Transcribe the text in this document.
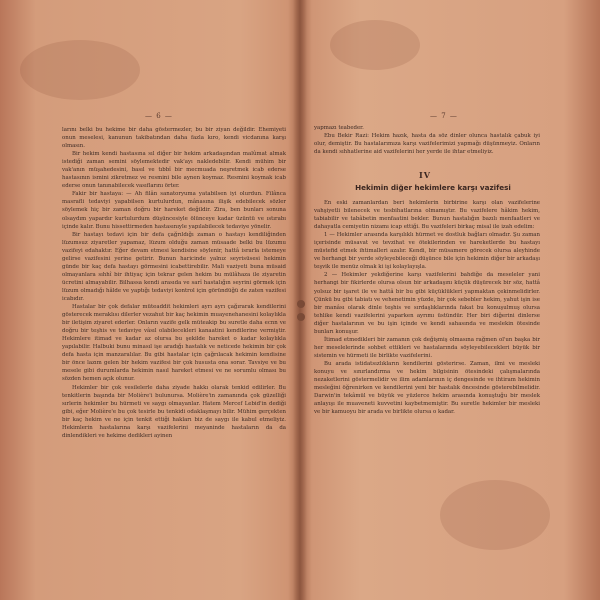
— 6 —

larını belki bu hekime bir daha göstermezler, bu bir ziyan değildir. Ehemiyeti onun meselesi, kanunun takibatından daha fazla kıro, kendi vicdanına karşı olmasın.

Bir hekim kendi hastasına sıl diğer bir hekim arkadaşından malûmat almak istediği zaman semini söylemektedir vak'ayı nakledebilir. Kendi mühim bir vak'anın müşahedesini, basıl ve tıbbî bir mecmuada neşretmek icab ederse hastasının ismini zikretmez ve resmini bile aynen koymaz. Resmini koymak icab ederse onun tanınabilecek vasıflarını örter.

Fakir bir hastaya: — Ah filân sanatoryuma yatabilsen iyi olurdun. Filânca masrafli tedaviyi yapabilsen kurtulurdun, mânasına ilişik edebilecek sözler söylemek hiç bir zaman doğru bir hareket değildir. Zira, ben bunları sonuna olsaydım yapardır kurtulurdum düşüncesiyle ölünceye kadar üzüntü ve ıstırabı içinde kalır. Bunu hissettirmeden hastasınıyle yapılabilecek tedaviye yönelir.

Bir hastayı tedavi için bir defa çağrıldığı zaman o hastayı kendiliğinden lüzumsuz ziyaretler yapamaz, lüzum olduğu zaman müsaade belki bu lüzumu vazifeyi edahaktır. Eğer devam etmesi kendisine söylenir, hattâ israrla istemeye gelirse vazifesini yerine getirir. Bunun haricinde yalnız seyrisüsesi hekimin günde bir kaç defa hastayı görmesini icabettirebilir. Mali vaziyeti buna müsaid olmayanlara sıhhî bir ihtiyaç için tekrar gelen hekim bu mülâhaza ile ziyaretin ücretini almayabilir. Bilhassa kendi arasıda ve sarî hastalığın seyrini görmek için lüzum olmadığı hâlde ve yaptığı tedaviyi kontrol için göründüğü de zaten vazifesi icabıdır.

Hastalar bir çok defalar müteaddit hekimleri ayrı ayrı çağırarak kendilerini gösterecek meraklısı dilerler vezahut bir kaç hekimin muayenehanesini kolaylıkla bir iletişim ziyaret ederler. Onların vazife gelk müteakip bu suretle daha ecnn ve doğru bir teşhis ve tedaviye vâsıl olabilecekleri kanaatini kendilerine vermiştir. Hekimlere itimad ve kadar az olursa bu şekilde hareket o kadar kolaylıkla yapılabilir. Halbuki bunu minasıl işe aradığı hastalık ve neticede hekimin bir çok defa hasta için manzaralılar. Bu gibi hastalar için çağrılacak hekimin kendisine bir önce lazım gelen bir hekim vazifesi bir çok hususta ona sorar. Tavsiye ve bu mesele gibi durumlarda hekimin nasıl hareket etmesi ve ne sorumlu olması bu sözden hemen açık olunur.

Hekimler bir çok vesilelerle daha ziyade hakkı olarak tenkid edilirler. Bu tenkitlerin başında bir Molière'i bulunursa. Molière'in zamanında çok güzelliği sırlerin hekimler bu hürmeti ve saygı olmayanlar. Hatem Mercef Lebid'in dediği gibi, eğer Molière'e bu çok tesirle bu tenkidi odaklaşmayı bilir. Mühim gerçekten bir kaç hekim ve ne için tenkit ettiği hakları biz de saygı ile kabul etmeliyiz. Hekimlerin hastalarına karşı vazifelerini meyaninde hastaların da da dinlendikleri ve hekime dedikleri ayinen

— 7 —

yapmazı teabeder.

Ebu Bekir Razi: Hekim hazık, hasta da söz dinler olunca hastalık çabuk iyi olur, demiştir. Bu hastalarımıza karşı vazifelerimizi yapmağı düşünmeyiz. Onların da kendi sıhhatlerine aid vazifelerini her yerde ile ihtar etmeliyiz.

IV
Hekimin diğer hekimlere karşı vazifesi

En eski zamanlardan beri hekimlerin birbirine karşı olan vazifelerine vahşiyetli bilenecek ve tesbihatlarına olmamıştır. Bu vazifelere hâkim hekim, tabiabilir ve tabâbetin menfaatini bekler. Bunun hastalığın bazılı menfaatleri ve dahayatla cemiyetin nizamı icap ettiği. Bu vazifeleri birkaç misal ile izah edelim:

1 — Hekimler arasında karşılıklı hürmet ve dostluk bağları olmadır. Şu zaman içerisinde müsavat ve tevzihat ve ötekilerinden ve hareketlerde bu hastayı müstefid etmek ihtimalleri azalır. Kendi, bir müsamere görecek olursa aleyhinde ve herhangi bir yerde söyleyebileceği düşünce bile için hekimin diğer bir arkadaşı teşvik ile menüz olmak ki işi kolaylayışla.

2 — Hekimler yekdiğerine karşı vazifelerini bahdiğe da meseleler yani herhangi bir fikirlerde olursa olsun bir arkadaşını küçük düşürecek bir söz, hattâ yolsuz bir işaret ile ve hattâ bir bu gibi küçüklükleri yapmaktan çekinmelidirler. Çünkü bu gibi tabiatı ve vehenetimin yüzde, bir çok sebebler hekim, yahut işin ise bir manâsı olarak dinle teşhis ve sırdaşlıklarında fakat bu konuşulmuş olursa tehlike kendi vazifelerini yaparken ayrımı üstündür. Her biri diğerini dinlerse diğer hastalarının ve bu işin içinde ve kendi sahasında ve meslekin ötesinde bunları konuşur.

İtimad etmedikleri bir zamanın çok değişmiş olmasına rağmen ol'un başka bir her meselelerinde sohbet ettikleri ve hastalarında söyleyebilecekleri büyük bir sistemin ve hürmeti ile birlikte vazifelerini.

Bu arada istidatsızlıkların kendilerini gösterirse. Zaman, ilmi ve mesleki konuyu ve sınırlandırma ve hekim bilgisinin ötesindeki çalışmalarında nezaketlerini göstermelidir ve ilim adamlarının iç dengesinde ve ihtiram hekimin mesleğini öğrenirken ve kendilerini yeni bir hastalık öncesinde gösterebilmelidir. Darwin'in tekâmül ve büyük ve yüzlerce hekim arasında konuştuğu bir meslek anlayışı ile muaveneti kuvvetini kaybetmemiştir. Bu suretle hekimler bir mesleki ve bir kamuoyu bir arada ve birlikte olursa o kadar.
